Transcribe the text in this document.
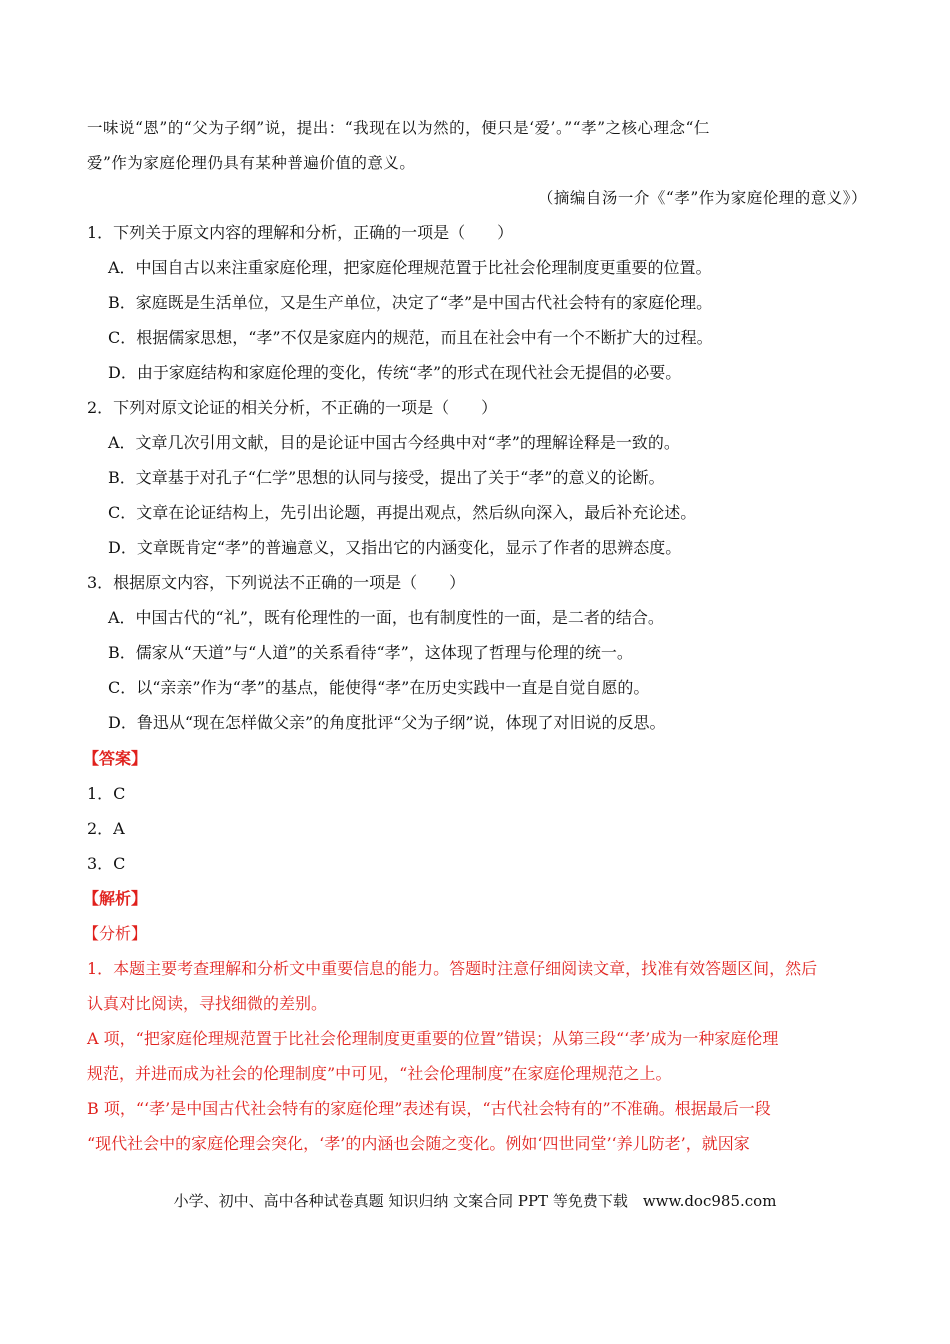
一味说“恩”的“父为子纲”说，提出：“我现在以为然的，便只是‘爱’。”“孝”之核心理念“仁
爱”作为家庭伦理仍具有某种普遍价值的意义。
（摘编自汤一介《“孝”作为家庭伦理的意义》）
1．下列关于原文内容的理解和分析，正确的一项是（　　）
A．中国自古以来注重家庭伦理，把家庭伦理规范置于比社会伦理制度更重要的位置。
B．家庭既是生活单位，又是生产单位，决定了“孝”是中国古代社会特有的家庭伦理。
C．根据儒家思想，“孝”不仅是家庭内的规范，而且在社会中有一个不断扩大的过程。
D．由于家庭结构和家庭伦理的变化，传统“孝”的形式在现代社会无提倡的必要。
2．下列对原文论证的相关分析，不正确的一项是（　　）
A．文章几次引用文献，目的是论证中国古今经典中对“孝”的理解诠释是一致的。
B．文章基于对孔子“仁学”思想的认同与接受，提出了关于“孝”的意义的论断。
C．文章在论证结构上，先引出论题，再提出观点，然后纵向深入，最后补充论述。
D．文章既肯定“孝”的普遍意义，又指出它的内涵变化，显示了作者的思辨态度。
3．根据原文内容，下列说法不正确的一项是（　　）
A．中国古代的“礼”，既有伦理性的一面，也有制度性的一面，是二者的结合。
B．儒家从“天道”与“人道”的关系看待“孝”，这体现了哲理与伦理的统一。
C．以“亲亲”作为“孝”的基点，能使得“孝”在历史实践中一直是自觉自愿的。
D．鲁迅从“现在怎样做父亲”的角度批评“父为子纲”说，体现了对旧说的反思。
【答案】
1．C
2．A
3．C
【解析】
【分析】
1．本题主要考查理解和分析文中重要信息的能力。答题时注意仔细阅读文章，找准有效答题区间，然后
认真对比阅读，寻找细微的差别。
A 项，“把家庭伦理规范置于比社会伦理制度更重要的位置”错误；从第三段“‘孝’成为一种家庭伦理
规范，并进而成为社会的伦理制度”中可见，“社会伦理制度”在家庭伦理规范之上。
B 项，“‘孝’是中国古代社会特有的家庭伦理”表述有误，“古代社会特有的”不准确。根据最后一段
“现代社会中的家庭伦理会突化，‘孝’的内涵也会随之变化。例如‘四世同堂’‘养儿防老’，就因家
小学、初中、高中各种试卷真题 知识归纳 文案合同 PPT 等免费下载　www.doc985.com
